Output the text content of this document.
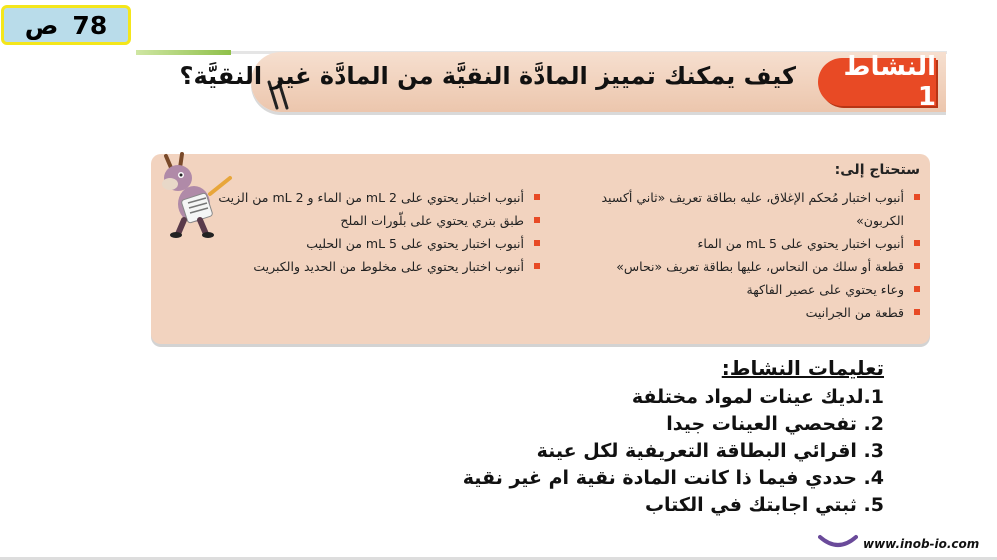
ص 78
كيف يمكنك تمييز المادَّة النقيَّة من المادَّة غير النقيَّة؟	النشاط 1
ستحتاج إلى:
أنبوب اختبار مُحكم الإغلاق، عليه بطاقة تعريف «ثاني أكسيد الكربون»
أنبوب اختبار يحتوي على 5 mL من الماء
قطعة أو سلك من النحاس، عليها بطاقة تعريف «نحاس»
وعاء يحتوي على عصير الفاكهة
قطعة من الجرانيت
أنبوب اختبار يحتوي على 2 mL من الماء و 2 mL من الزيت
طبق بتري يحتوي على بلّورات الملح
أنبوب اختبار يحتوي على 5 mL من الحليب
أنبوب اختبار يحتوي على مخلوط من الحديد والكبريت
تعليمات النشاط:
1.لديك عينات لمواد مختلفة
2. تفحصي العينات جيدا
3. اقرائي البطاقة التعريفية لكل عينة
4. حددي فيما ذا كانت المادة نقية ام غير نقية
5. ثبتي اجابتك في الكتاب
www.inob-io.com
